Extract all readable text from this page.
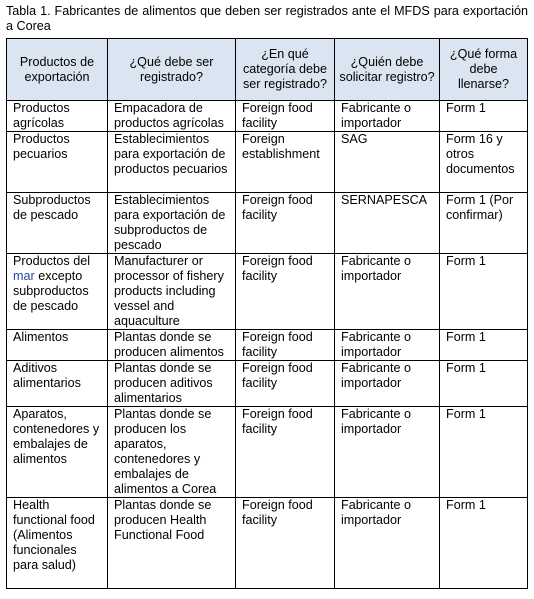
Tabla 1. Fabricantes de alimentos que deben ser registrados ante el MFDS para exportación a Corea
Productos de exportación	¿Qué debe ser registrado?	¿En qué categoría debe ser registrado?	¿Quién debe solicitar registro?	¿Qué forma debe llenarse?
Productos agrícolas	Empacadora de productos agrícolas	Foreign food facility	Fabricante o importador	Form 1
Productos pecuarios	Establecimientos para exportación de productos pecuarios	Foreign establishment	SAG	Form 16 y otros documentos
Subproductos de pescado	Establecimientos para exportación de subproductos de pescado	Foreign food facility	SERNAPESCA	Form 1 (Por confirmar)
Productos del mar excepto subproductos de pescado	Manufacturer or processor of fishery products including vessel and aquaculture	Foreign food facility	Fabricante o importador	Form 1
Alimentos	Plantas donde se producen alimentos	Foreign food facility	Fabricante o importador	Form 1
Aditivos alimentarios	Plantas donde se producen aditivos alimentarios	Foreign food facility	Fabricante o importador	Form 1
Aparatos, contenedores y embalajes de alimentos	Plantas donde se producen los aparatos, contenedores y embalajes de alimentos a Corea	Foreign food facility	Fabricante o importador	Form 1
Health functional food (Alimentos funcionales para salud)	Plantas donde se producen Health Functional Food	Foreign food facility	Fabricante o importador	Form 1
